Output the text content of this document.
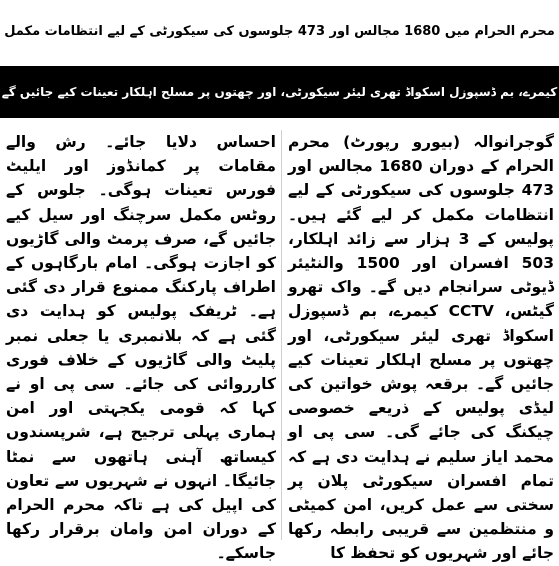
محرم الحرام میں 1680 مجالس اور 473 جلوسوں کی سیکورٹی کے لیے انتظامات مکمل
کیمرے، بم ڈسپوزل اسکواڈ تھری لیئر سیکورٹی، اور چھتوں پر مسلح اہلکار تعینات کیے جائیں گے
گوجرانوالہ (بیورو رپورٹ) محرم الحرام کے دوران 1680 مجالس اور 473 جلوسوں کی سیکورٹی کے لیے انتظامات مکمل کر لیے گئے ہیں۔ پولیس کے 3 ہزار سے زائد اہلکار، 503 افسران اور 1500 والنٹیئر ڈیوٹی سرانجام دیں گے۔ واک تھرو گیٹس، CCTV کیمرے، بم ڈسپوزل اسکواڈ تھری لیئر سیکورٹی، اور چھتوں پر مسلح اہلکار تعینات کیے جائیں گے۔ برقعہ پوش خواتین کی لیڈی پولیس کے ذریعے خصوصی چیکنگ کی جائے گی۔ سی پی او محمد ایاز سلیم نے ہدایت دی ہے کہ تمام افسران سیکورٹی پلان پر سختی سے عمل کریں، امن کمیٹی و منتظمین سے قریبی رابطہ رکھا جائے اور شہریوں کو تحفظ کا
احساس دلایا جائے۔ رش والے مقامات پر کمانڈوز اور ایلیٹ فورس تعینات ہوگی۔ جلوس کے روٹس مکمل سرچنگ اور سیل کیے جائیں گے، صرف پرمٹ والی گاڑیوں کو اجازت ہوگی۔ امام بارگاہوں کے اطراف پارکنگ ممنوع قرار دی گئی ہے۔ ٹریفک پولیس کو ہدایت دی گئی ہے کہ بلانمبری یا جعلی نمبر پلیٹ والی گاڑیوں کے خلاف فوری کارروائی کی جائے۔ سی پی او نے کہا کہ قومی یکجہتی اور امن ہماری پہلی ترجیح ہے، شرپسندوں کیساتھ آہنی ہاتھوں سے نمٹا جائیگا۔ انہوں نے شہریوں سے تعاون کی اپیل کی ہے تاکہ محرم الحرام کے دوران امن وامان برقرار رکھا جاسکے۔
